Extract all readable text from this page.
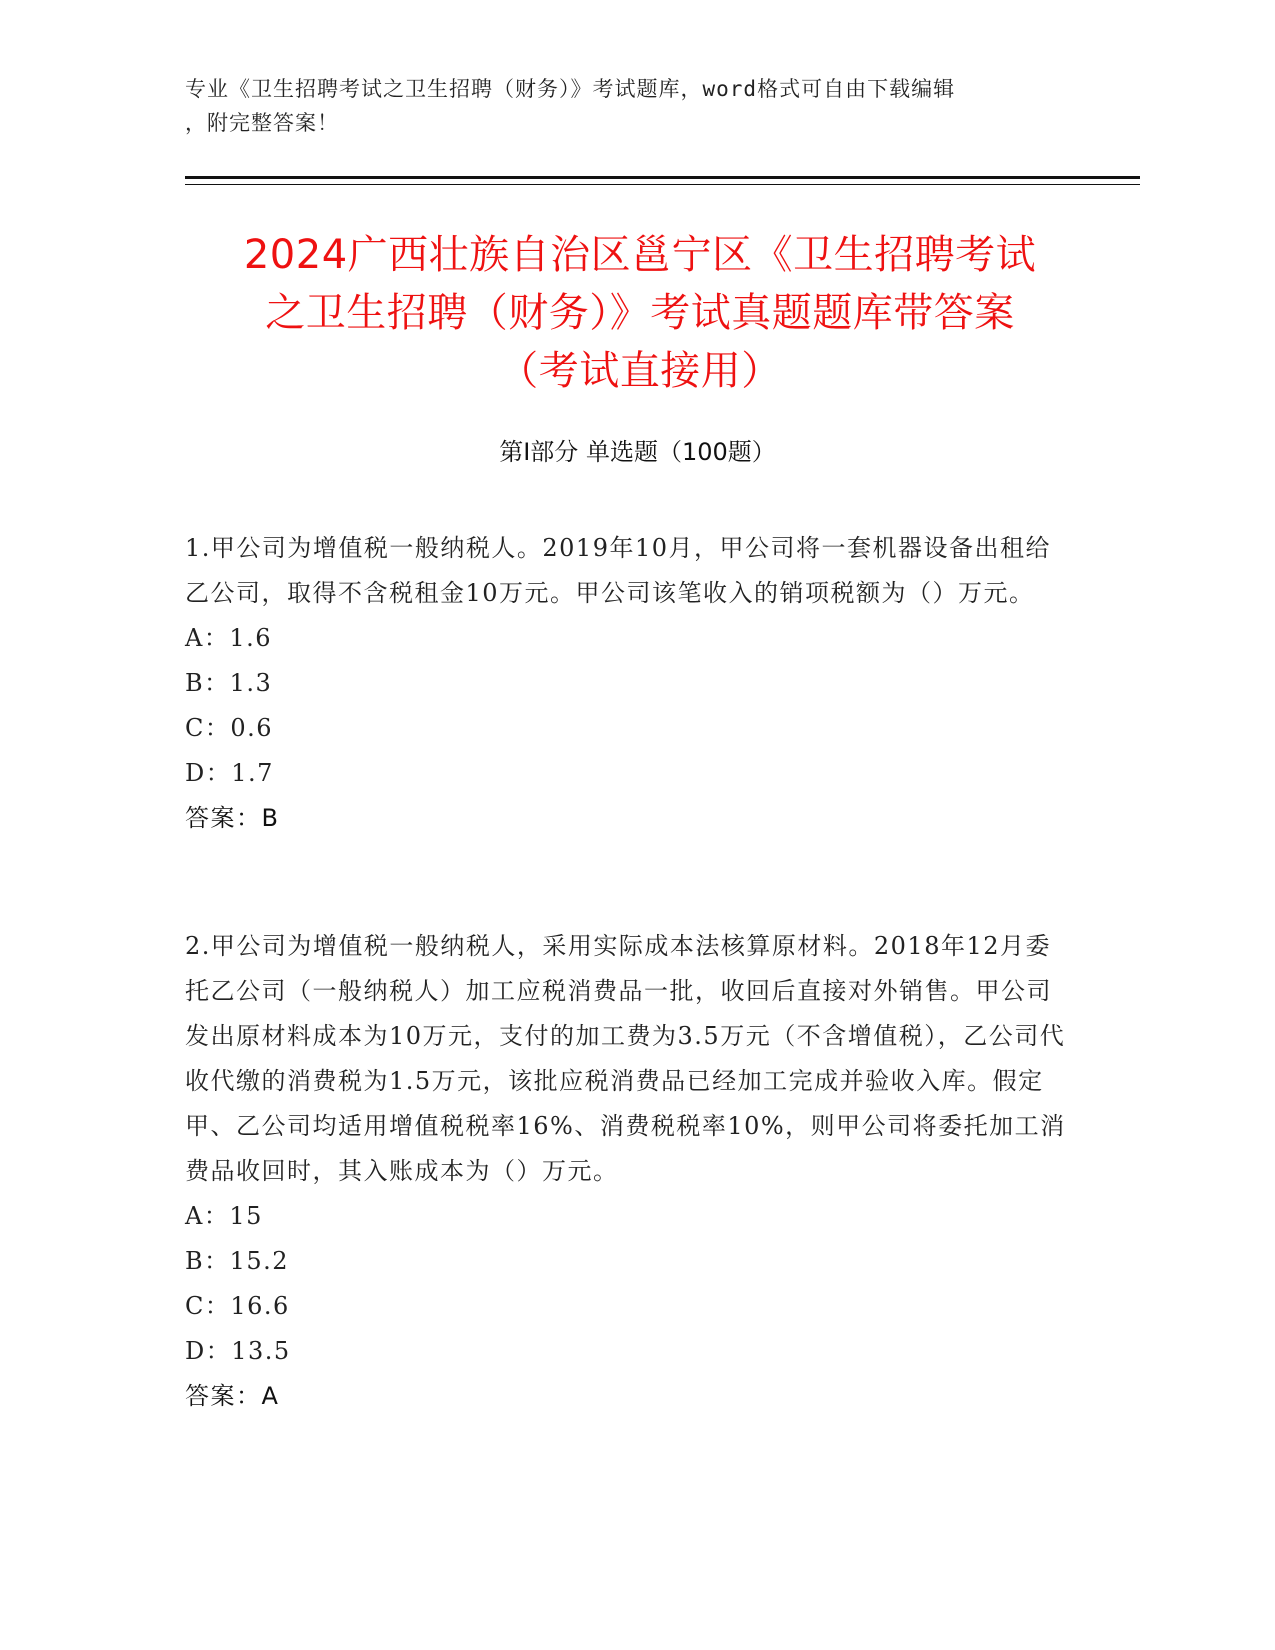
专业《卫生招聘考试之卫生招聘（财务）》考试题库，word格式可自由下载编辑
，附完整答案！
2024广西壮族自治区邕宁区《卫生招聘考试
之卫生招聘（财务）》考试真题题库带答案
（考试直接用）
第Ⅰ部分 单选题（100题）

1.甲公司为增值税一般纳税人。2019年10月，甲公司将一套机器设备出租给乙公司，取得不含税租金10万元。甲公司该笔收入的销项税额为（）万元。

A：1.6
B：1.3
C：0.6
D：1.7
答案：B

2.甲公司为增值税一般纳税人，采用实际成本法核算原材料。2018年12月委托乙公司（一般纳税人）加工应税消费品一批，收回后直接对外销售。甲公司发出原材料成本为10万元，支付的加工费为3.5万元（不含增值税），乙公司代收代缴的消费税为1.5万元，该批应税消费品已经加工完成并验收入库。假定甲、乙公司均适用增值税税率16%、消费税税率10%，则甲公司将委托加工消费品收回时，其入账成本为（）万元。

A：15
B：15.2
C：16.6
D：13.5
答案：A
